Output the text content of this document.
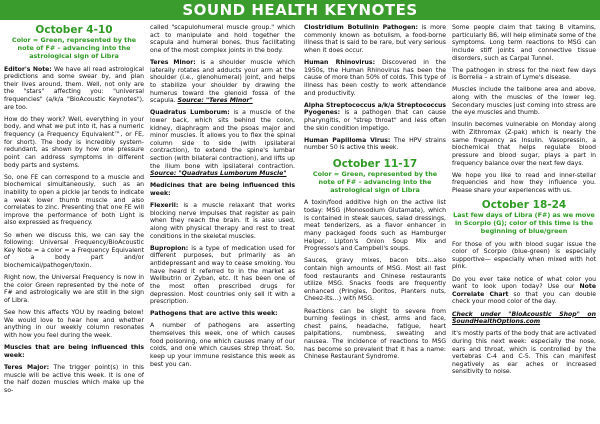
SOUND HEALTH KEYNOTES
October 4-10
Color = Green, represented by the note of F# – advancing into the astrological sign of Libra

Editor's Note: We have all read astrological predictions and some swear by, and plan their lives around, them. Well, not only are the "stars" affecting you: "universal frequencies" (a/k/a "BioAcoustic Keynotes"), are too.

How do they work? Well, everything in your body, and what we put into it, has a numeric frequency (a Frequency Equivalent™, or FE, for short). The body is incredibly system-redundant, as shown by how one pressure point can address symptoms in different body parts and systems.

So, one FE can correspond to a muscle and biochemical simultaneously, such as an inability to open a pickle jar tends to indicate a weak lower thumb muscle and also correlates to zinc. Presenting that one FE will improve the performance of both Light is also expressed as frequency.

So when we discuss this, we can say the following: Universal Frequency/BioAcoustic Key Note = a color = a Frequency Equivalent of a body part and/or biochemical/pathogen/toxin.

Right now, the Universal Frequency is now in the color Green represented by the note of F# and astrologically we are still in the sign of Libra.

See how this affects YOU by reading below! We would love to hear how and whether anything in our weekly column resonates with how you feel during the week.

Muscles that are being influenced this week:

Teres Major: The trigger point(s) in this muscle will be active this week. It is one of the half dozen muscles which make up the so-

called "scapulohumeral muscle group." which act to manipulate and hold together the scapula and humeral bones, thus facilitating one of the most complex joints in the body.

Teres Minor: is a shoulder muscle which laterally rotates and adducts your arm at the shoulder (i.e., glenohumeral) joint, and helps to stabilize your shoulder by drawing the humerus toward the glenoid fossa of the scapula. Source: "Teres Minor"

Quadratus Lumborum: is a muscle of the lower back, which sits behind the colon, kidney, diaphragm and the psoas major and minor muscles. It allows you to flex the spinal column side to side (with ipsilateral contraction), to extend the spine's lumbar section (with bilateral contraction), and lifts up the ilium bone with ipsilateral contraction. Source: "Quadratus Lumborum Muscle"

Medicines that are being influenced this week:

Flexeril: is a muscle relaxant that works blocking nerve impulses that register as pain when they reach the brain. It is also used, along with physical therapy and rest to treat conditions in the skeletal muscles.

Bupropion: is a type of medication used for different purposes, but primarily as an antidepressant and way to cease smoking. You have heard it referred to in the market as Wellbutrin or Zyban, etc. It has been one of the most often prescribed drugs for depression. Most countries only sell it with a prescription.

Pathogens that are active this week:

A number of pathogens are asserting themselves this week, one of which causes food poisoning, one which causes many of our colds, and one which causes strep throat. So, keep up your immune resistance this week as best you can.

Clostridium Botulinin Pathogen: is more commonly known as botulism, a food-borne illness that is said to be rare, but very serious when it does occur.

Human Rhinovirus: Discovered in the 1950s, the Human Rhinovirus has been the cause of more than 50% of colds. This type of illness has been costly to work attendance and productivity.

Alpha Streptococcus a/k/a Streptococcus Pyogenes: is a pathogen that can cause pharyngitis, or "strep throat" and less often the skin condition impetigo.

Human Papilloma Virus: The HPV strains number 50 is active this week.

October 11-17
Color = Green, represented by the note of F# – advancing into the astrological sign of Libra

A toxin/food additive high on the active list today: MSG (Monosodium Glutamate), which is contained in steak sauces, salad dressings, meat tenderizers, as a flavor enhancer in many packaged foods such as Hamburger Helper, Lipton's Onion Soup Mix and Progresso's and Campbell's soups.

Sauces, gravy mixes, bacon bits…also contain high amounts of MSG. Most all fast food restaurants and Chinese restaurants utilize MSG. Snacks foods are frequently enhanced (Pringles, Doritos, Planters nuts, Cheez-Its…) with MSG.

Reactions can be slight to severe from burning feelings in chest, arms and face, chest pains, headache, fatigue, heart palpitations, numbness, sweating and nausea. The incidence of reactions to MSG has become so prevalent that it has a name: Chinese Restaurant Syndrome.

Some people claim that taking B vitamins, particularly B6, will help eliminate some of the symptoms. Long term reactions to MSG can include stiff joints and connective tissue disorders, such as Carpal Tunnel.

The pathogen in stress for the next few days is Borrelia – a strain of Lyme's disease.

Muscles include the tailbone area and above, along with the muscles of the lower leg. Secondary muscles just coming into stress are the eye muscles and thumb.

Insulin becomes vulnerable on Monday along with Zithromax (Z-pak) which is nearly the same frequency as Insulin. Vasopressin, a biochemical that helps regulate blood pressure and blood sugar, plays a part in frequency balance over the next few days.

We hope you like to read and inner-stellar frequencies and how they influence you. Please share your experiences with us.

October 18-24
Last few days of Libra (F#) as we move in Scorpio (G); color of this time is the beginning of blue/green

For those of you with blood sugar issue the color of Scorpio (blue-green) is especially supportive— especially when mixed with hot pink.

Do you ever take notice of what color you want to look upon today? Use our Note Correlate Chart so that you can double check your mood color of the day.

Check under "BioAcoustic Shop" on SoundHealthOptions.com

It's mostly parts of the body that are activated during this next week: especially the nose, ears and throat, which is controlled by the vertebras C-4 and C-5. This can manifest negatively as ear aches or increased sensitivity to noise.
